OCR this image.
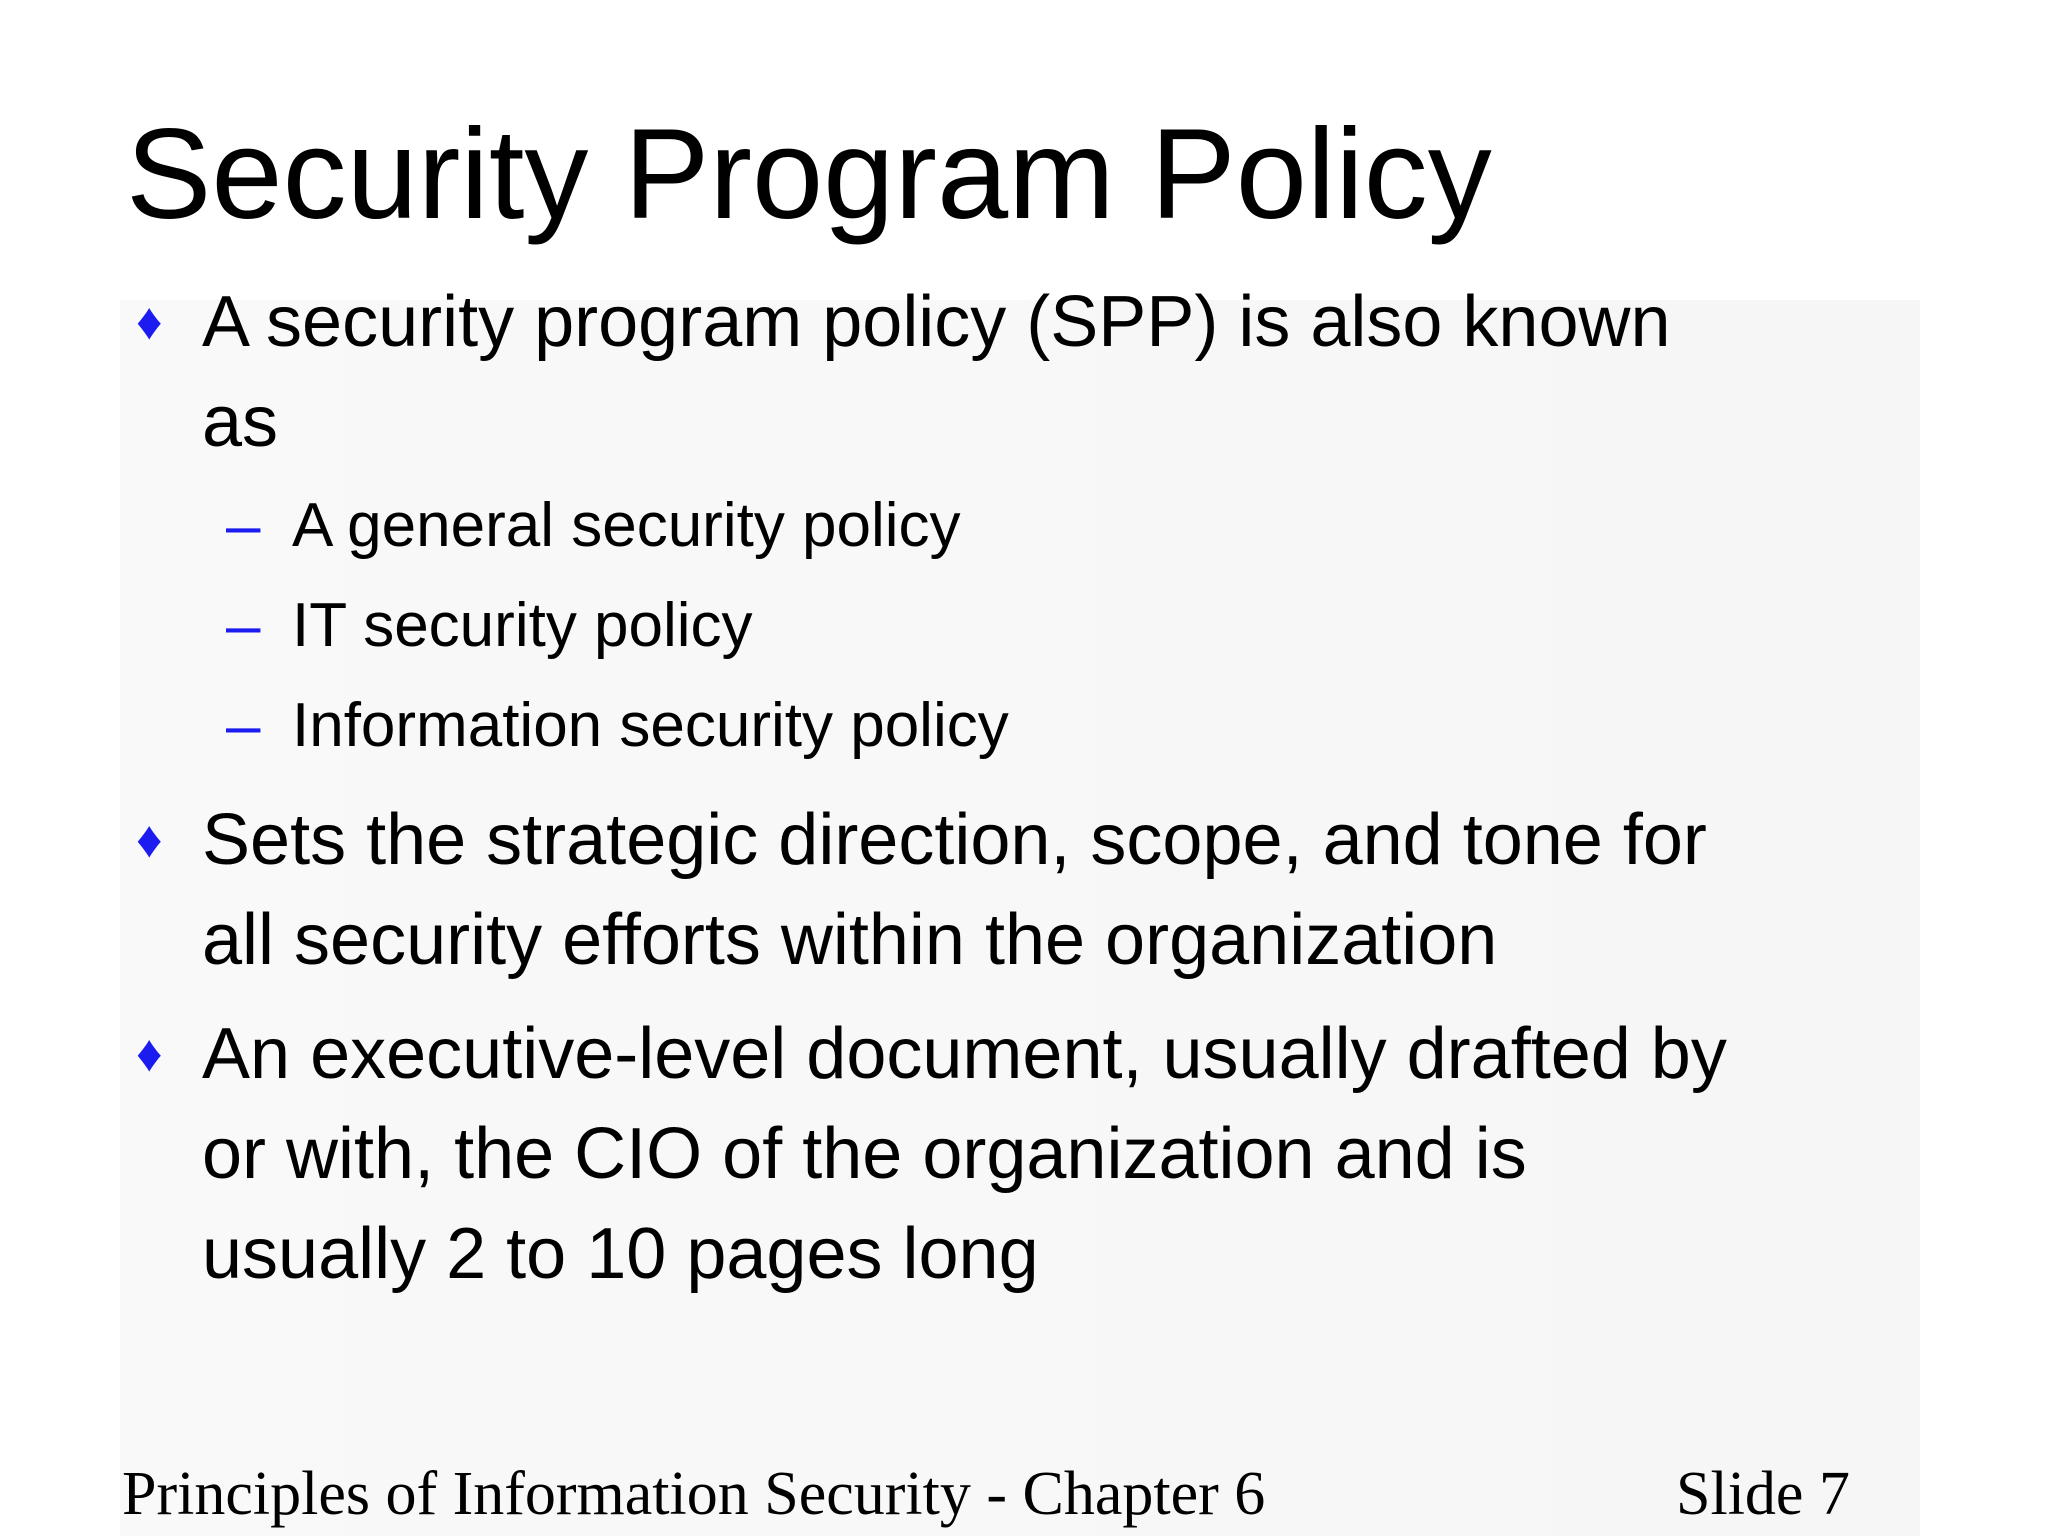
Security Program Policy
♦ A security program policy (SPP) is also known
as
– A general security policy
– IT security policy
– Information security policy
♦ Sets the strategic direction, scope, and tone for
all security efforts within the organization
♦ An executive-level document, usually drafted by
or with, the CIO of the organization and is
usually 2 to 10 pages long
Principles of Information Security - Chapter 6	Slide 7
